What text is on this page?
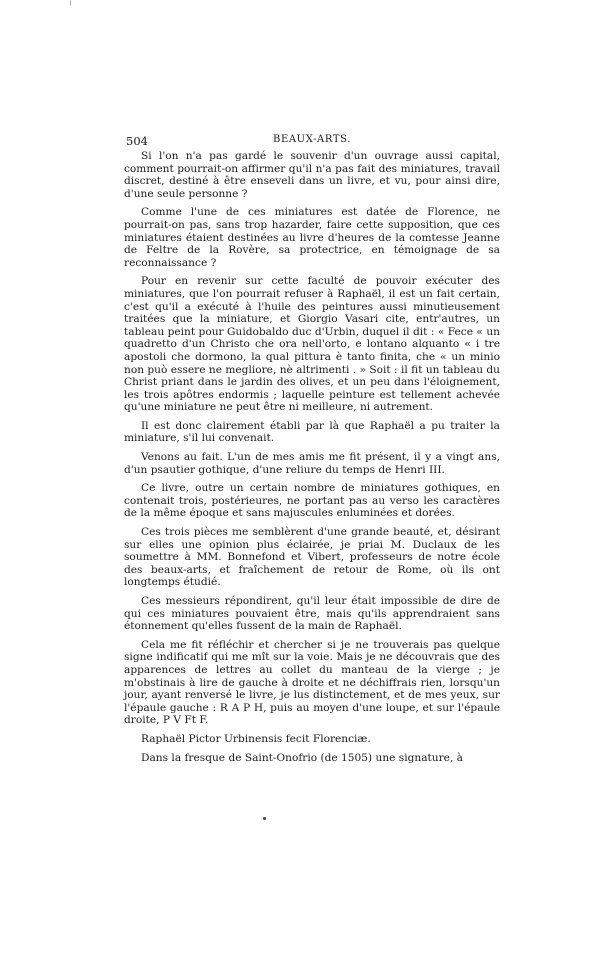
504	BEAUX-ARTS.

Si l'on n'a pas gardé le souvenir d'un ouvrage aussi capital, comment pourrait-on affirmer qu'il n'a pas fait des miniatures, travail discret, destiné à être enseveli dans un livre, et vu, pour ainsi dire, d'une seule personne ?

Comme l'une de ces miniatures est datée de Florence, ne pourrait-on pas, sans trop hazarder, faire cette supposition, que ces miniatures étaient destinées au livre d'heures de la comtesse Jeanne de Feltre de la Rovère, sa protectrice, en témoignage de sa reconnaissance ?

Pour en revenir sur cette faculté de pouvoir exécuter des miniatures, que l'on pourrait refuser à Raphaël, il est un fait certain, c'est qu'il a exécuté à l'huile des peintures aussi minutieusement traitées que la miniature, et Giorgio Vasari cite, entr'autres, un tableau peint pour Guidobaldo duc d'Urbin, duquel il dit : « Fece « un quadretto d'un Christo che ora nell'orto, e lontano alquanto « i tre apostoli che dormono, la qual pittura è tanto finita, che « un minio non può essere ne megliore, nè altrimenti . » Soit : il fit un tableau du Christ priant dans le jardin des olives, et un peu dans l'éloignement, les trois apôtres endormis ; laquelle peinture est tellement achevée qu'une miniature ne peut être ni meilleure, ni autrement.

Il est donc clairement établi par là que Raphaël a pu traiter la miniature, s'il lui convenait.

Venons au fait. L'un de mes amis me fit présent, il y a vingt ans, d'un psautier gothique, d'une reliure du temps de Henri III.

Ce livre, outre un certain nombre de miniatures gothiques, en contenait trois, postérieures, ne portant pas au verso les caractères de la même époque et sans majuscules enluminées et dorées.

Ces trois pièces me semblèrent d'une grande beauté, et, désirant sur elles une opinion plus éclairée, je priai M. Duclaux de les soumettre à MM. Bonnefond et Vibert, professeurs de notre école des beaux-arts, et fraîchement de retour de Rome, où ils ont longtemps étudié.

Ces messieurs répondirent, qu'il leur était impossible de dire de qui ces miniatures pouvaient être, mais qu'ils apprendraient sans étonnement qu'elles fussent de la main de Raphaël.

Cela me fit réfléchir et chercher si je ne trouverais pas quelque signe indificatif qui me mît sur la voie. Mais je ne découvrais que des apparences de lettres au collet du manteau de la vierge ; je m'obstinais à lire de gauche à droite et ne déchiffrais rien, lorsqu'un jour, ayant renversé le livre, je lus distinctement, et de mes yeux, sur l'épaule gauche : R A P H, puis au moyen d'une loupe, et sur l'épaule droite, P V Ft F.

Raphaël Pictor Urbinensis fecit Florenciæ.

Dans la fresque de Saint-Onofrio (de 1505) une signature, à
